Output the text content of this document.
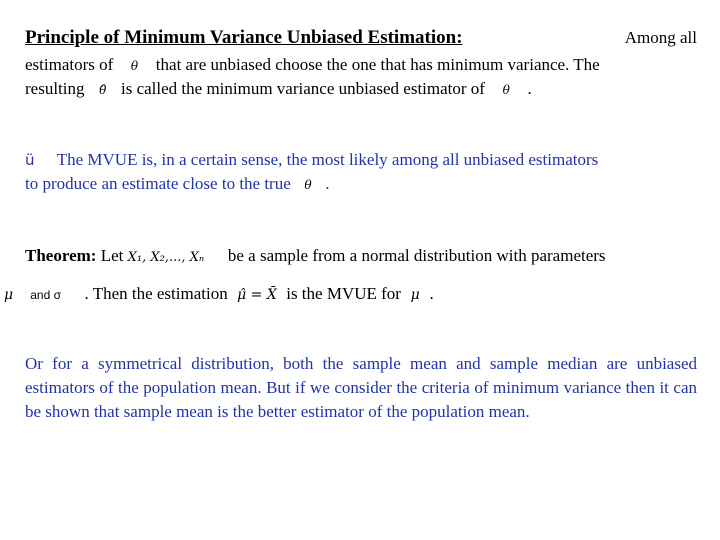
Principle of Minimum Variance Unbiased Estimation:	Among all
estimators of θ that are unbiased choose the one that has minimum variance. The
resulting θ̂ is called the minimum variance unbiased estimator of θ .
ü The MVUE is, in a certain sense, the most likely among all unbiased estimators
to produce an estimate close to the true θ .
Theorem: Let X₁, X₂,..., Xₙ be a sample from a normal distribution with parameters
μ and σ . Then the estimation μ̂ = X̄ is the MVUE for μ .
Or for a symmetrical distribution, both the sample mean and sample median are unbiased estimators of the population mean. But if we consider the criteria of minimum variance then it can be shown that sample mean is the better estimator of the population mean.
